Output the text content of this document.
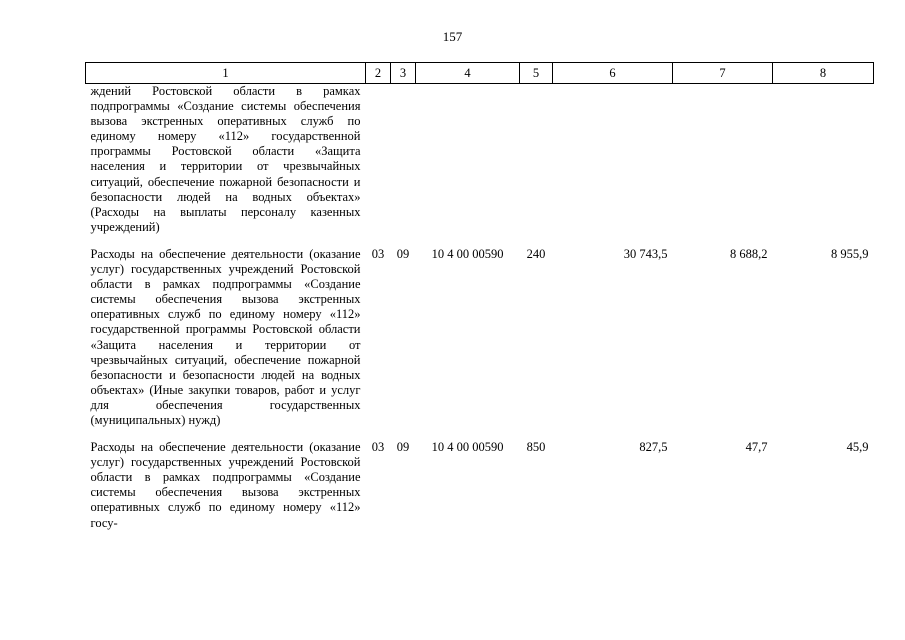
157
1	2	3	4	5	6	7	8
ждений Ростовской области в рамках подпрограммы «Создание системы обеспечения вызова экстренных оперативных служб по единому номеру «112» государственной программы Ростовской области «Защита населения и территории от чрезвычайных ситуаций, обеспечение пожарной безопасности и безопасности людей на водных объектах» (Расходы на выплаты персоналу казенных учреждений)							
Расходы на обеспечение деятельности (оказание услуг) государственных учреждений Ростовской области в рамках подпрограммы «Создание системы обеспечения вызова экстренных оперативных служб по единому номеру «112» государственной программы Ростовской области «Защита населения и территории от чрезвычайных ситуаций, обеспечение пожарной безопасности и безопасности людей на водных объектах» (Иные закупки товаров, работ и услуг для обеспечения государственных (муниципальных) нужд)	03	09	10 4 00 00590	240	30 743,5	8 688,2	8 955,9
Расходы на обеспечение деятельности (оказание услуг) государственных учреждений Ростовской области в рамках подпрограммы «Создание системы обеспечения вызова экстренных оперативных служб по единому номеру «112» госу-	03	09	10 4 00 00590	850	827,5	47,7	45,9
